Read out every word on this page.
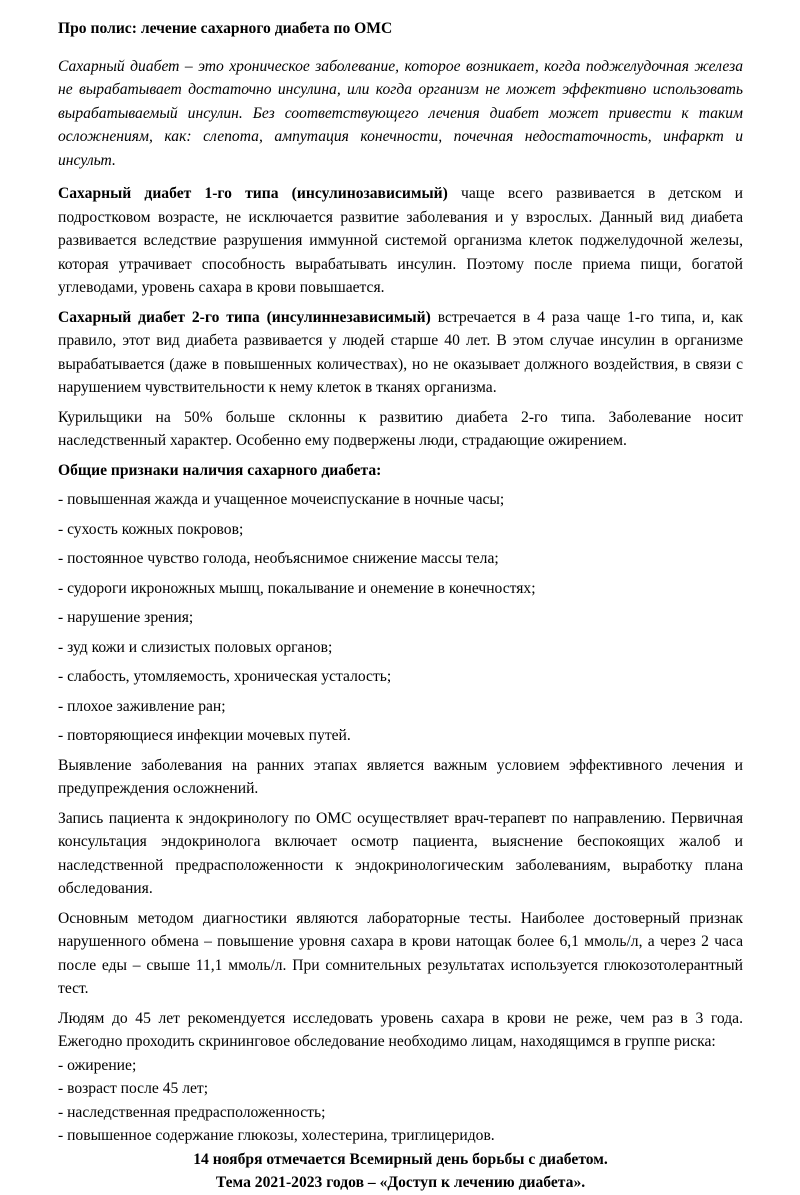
Про полис: лечение сахарного диабета по ОМС

Сахарный диабет – это хроническое заболевание, которое возникает, когда поджелудочная железа не вырабатывает достаточно инсулина, или когда организм не может эффективно использовать вырабатываемый инсулин. Без соответствующего лечения диабет может привести к таким осложнениям, как: слепота, ампутация конечности, почечная недостаточность, инфаркт и инсульт.

Сахарный диабет 1-го типа (инсулинозависимый) чаще всего развивается в детском и подростковом возрасте, не исключается развитие заболевания и у взрослых. Данный вид диабета развивается вследствие разрушения иммунной системой организма клеток поджелудочной железы, которая утрачивает способность вырабатывать инсулин. Поэтому после приема пищи, богатой углеводами, уровень сахара в крови повышается.

Сахарный диабет 2-го типа (инсулиннезависимый) встречается в 4 раза чаще 1-го типа, и, как правило, этот вид диабета развивается у людей старше 40 лет. В этом случае инсулин в организме вырабатывается (даже в повышенных количествах), но не оказывает должного воздействия, в связи с нарушением чувствительности к нему клеток в тканях организма.

Курильщики на 50% больше склонны к развитию диабета 2-го типа. Заболевание носит наследственный характер. Особенно ему подвержены люди, страдающие ожирением.

Общие признаки наличия сахарного диабета:

- повышенная жажда и учащенное мочеиспускание в ночные часы;

- сухость кожных покровов;

- постоянное чувство голода, необъяснимое снижение массы тела;

- судороги икроножных мышц, покалывание и онемение в конечностях;

- нарушение зрения;

- зуд кожи и слизистых половых органов;

- слабость, утомляемость, хроническая усталость;

- плохое заживление ран;

- повторяющиеся инфекции мочевых путей.

Выявление заболевания на ранних этапах является важным условием эффективного лечения и предупреждения осложнений.

Запись пациента к эндокринологу по ОМС осуществляет врач-терапевт по направлению. Первичная консультация эндокринолога включает осмотр пациента, выяснение беспокоящих жалоб и наследственной предрасположенности к эндокринологическим заболеваниям, выработку плана обследования.

Основным методом диагностики являются лабораторные тесты. Наиболее достоверный признак нарушенного обмена – повышение уровня сахара в крови натощак более 6,1 ммоль/л, а через 2 часа после еды – свыше 11,1 ммоль/л. При сомнительных результатах используется глюкозотолерантный тест.

Людям до 45 лет рекомендуется исследовать уровень сахара в крови не реже, чем раз в 3 года. Ежегодно проходить скрининговое обследование необходимо лицам, находящимся в группе риска:

- ожирение;

- возраст после 45 лет;

- наследственная предрасположенность;

- повышенное содержание глюкозы, холестерина, триглицеридов.

14 ноября отмечается Всемирный день борьбы с диабетом.

Тема 2021-2023 годов – «Доступ к лечению диабета».
